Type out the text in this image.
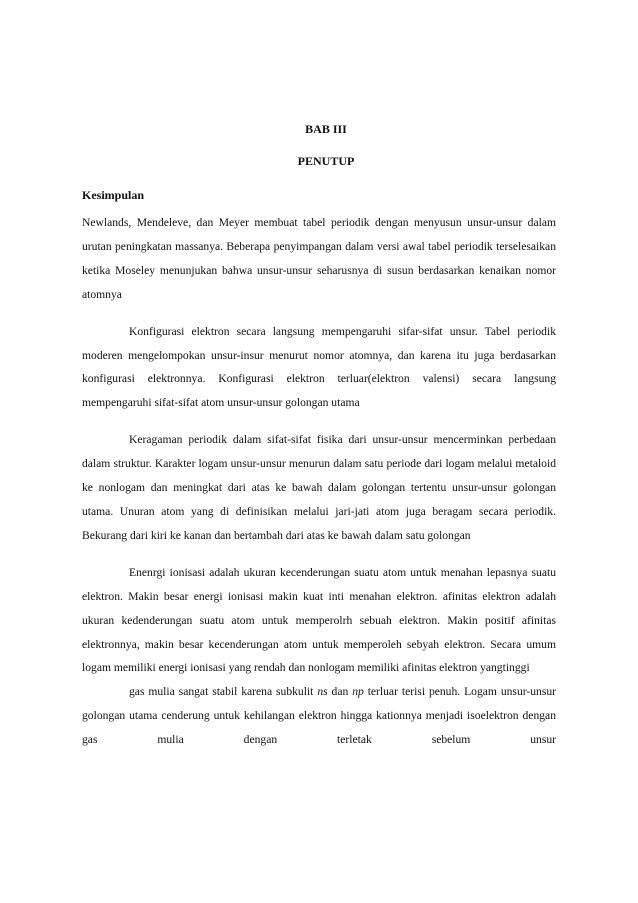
BAB III
PENUTUP
Kesimpulan

Newlands, Mendeleve, dan Meyer membuat tabel periodik dengan menyusun unsur-unsur dalam urutan peningkatan massanya. Beberapa penyimpangan dalam versi awal tabel periodik terselesaikan ketika Moseley menunjukan bahwa unsur-unsur seharusnya di susun berdasarkan kenaikan nomor atomnya

Konfigurasi elektron secara langsung mempengaruhi sifar-sifat unsur. Tabel periodik moderen mengelompokan unsur-insur menurut nomor atomnya, dan karena itu juga berdasarkan konfigurasi elektronnya. Konfigurasi elektron terluar(elektron valensi) secara langsung mempengaruhi sifat-sifat atom unsur-unsur golongan utama

Keragaman periodik dalam sifat-sifat fisika dari unsur-unsur mencerminkan perbedaan dalam struktur. Karakter logam unsur-unsur menurun dalam satu periode dari logam melalui metaloid ke nonlogam dan meningkat dari atas ke bawah dalam golongan tertentu unsur-unsur golongan utama. Unuran atom yang di definisikan melalui jari-jati atom juga beragam secara periodik. Bekurang dari kiri ke kanan dan bertambah dari atas ke bawah dalam satu golongan

Enenrgi ionisasi adalah ukuran kecenderungan suatu atom untuk menahan lepasnya suatu elektron. Makin besar energi ionisasi makin kuat inti menahan elektron. afinitas elektron adalah ukuran kedenderungan suatu atom untuk memperolrh sebuah elektron. Makin positif afinitas elektronnya, makin besar kecenderungan atom untuk memperoleh sebyah elektron. Secara umum logam memiliki energi ionisasi yang rendah dan nonlogam memiliki afinitas elektron yangtinggi

gas mulia sangat stabil karena subkulit ns dan np terluar terisi penuh. Logam unsur-unsur golongan utama cenderung untuk kehilangan elektron hingga kationnya menjadi isoelektron dengan gas mulia dengan terletak sebelum unsur
